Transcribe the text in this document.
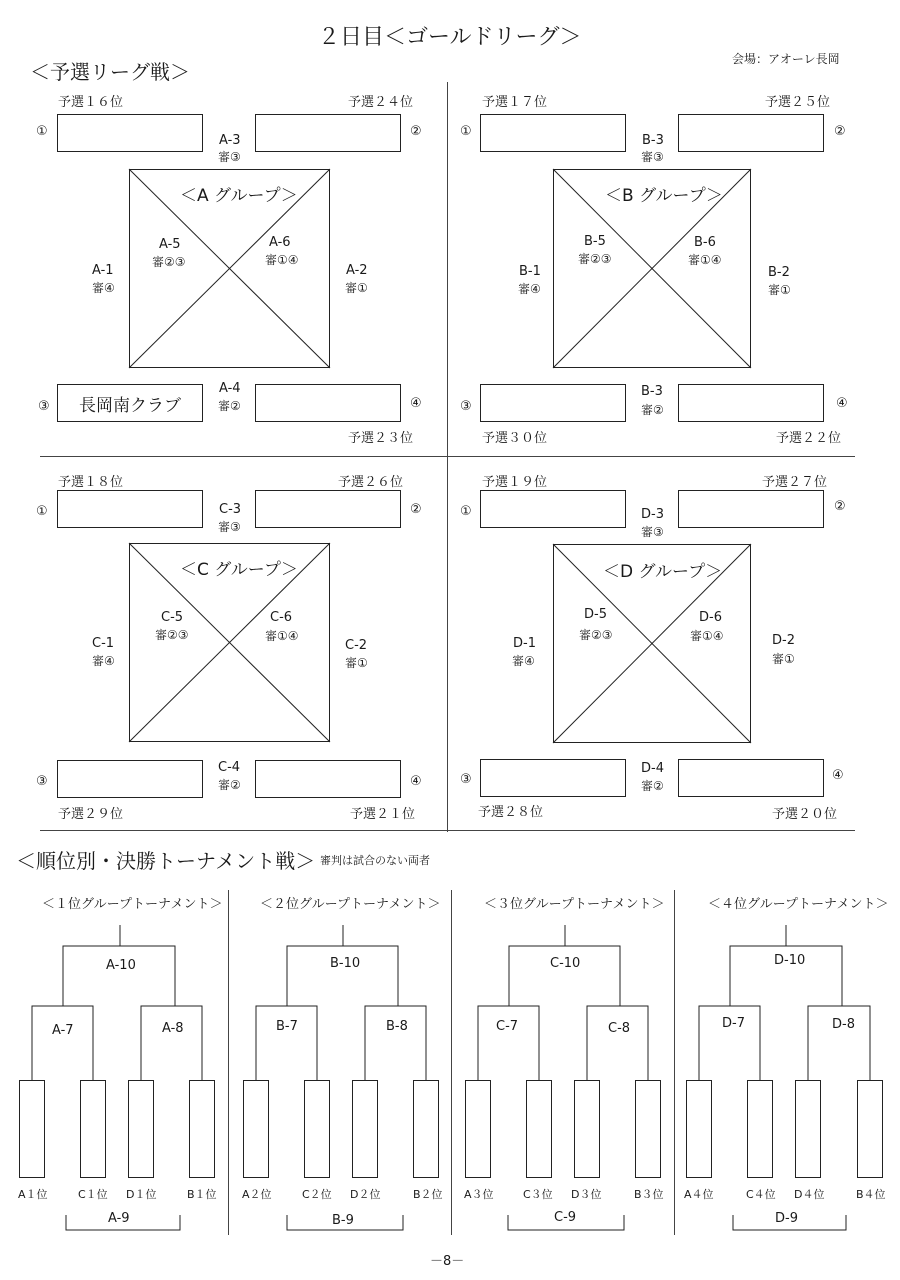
２日目＜ゴールドリーグ＞
＜予選リーグ戦＞
会場：アオーレ長岡
予選１６位	予選２４位
予選２３位
①	②
A-3
審③
＜A グループ＞
A-5
審②③
A-6
審①④
A-1
審④
A-2
審①
③	長岡南クラブ
A-4
審②	④
予選１７位	予選２５位
予選３０位	予選２２位
①	②
B-3
審③
＜B グループ＞
B-5
審②③
B-6
審①④
B-1
審④
B-2
審①
③
B-3
審②	④
予選１８位	予選２６位
予選２９位	予選２１位
①	②
C-3
審③
＜C グループ＞
C-5
審②③
C-6
審①④
C-1
審④
C-2
審①
③
C-4
審②	④
予選１９位	予選２７位
予選２８位	予選２０位
①	②
D-3
審③
＜D グループ＞
D-5
審②③
D-6
審①④
D-1
審④
D-2
審①
③
D-4
審②
④
＜順位別・決勝トーナメント戦＞ 審判は試合のない両者
＜１位グループトーナメント＞
A-10
A-7	A-8
A１位	C１位 D１位	B１位
A-9
＜２位グループトーナメント＞
B-10
B-7	B-8
A２位	C２位 D２位	B２位
B-9
＜３位グループトーナメント＞
C-10
C-7	C-8
A３位	C３位 D３位	B３位
C-9
＜４位グループトーナメント＞
D-10
D-7	D-8
A４位	C４位 D４位	B４位
D-9
－8－
